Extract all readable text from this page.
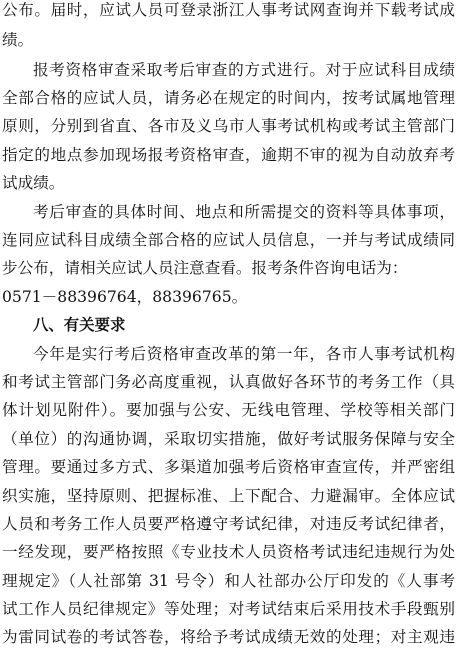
公布。届时，应试人员可登录浙江人事考试网查询并下载考试成
绩。
报考资格审查采取考后审查的方式进行。对于应试科目成绩
全部合格的应试人员，请务必在规定的时间内，按考试属地管理
原则，分别到省直、各市及义乌市人事考试机构或考试主管部门
指定的地点参加现场报考资格审查，逾期不审的视为自动放弃考
试成绩。
考后审查的具体时间、地点和所需提交的资料等具体事项，
连同应试科目成绩全部合格的应试人员信息，一并与考试成绩同
步公布，请相关应试人员注意查看。报考条件咨询电话为：
0571－88396764，88396765。
八、有关要求
今年是实行考后资格审查改革的第一年，各市人事考试机构
和考试主管部门务必高度重视，认真做好各环节的考务工作（具
体计划见附件）。要加强与公安、无线电管理、学校等相关部门
（单位）的沟通协调，采取切实措施，做好考试服务保障与安全
管理。要通过多方式、多渠道加强考后资格审查宣传，并严密组
织实施，坚持原则、把握标准、上下配合、力避漏审。全体应试
人员和考务工作人员要严格遵守考试纪律，对违反考试纪律者，
一经发现，要严格按照《专业技术人员资格考试违纪违规行为处
理规定》（人社部第 31 号令）和人社部办公厅印发的《人事考
试工作人员纪律规定》等处理；对考试结束后采用技术手段甄别
为雷同试卷的考试答卷，将给予考试成绩无效的处理；对主观违
